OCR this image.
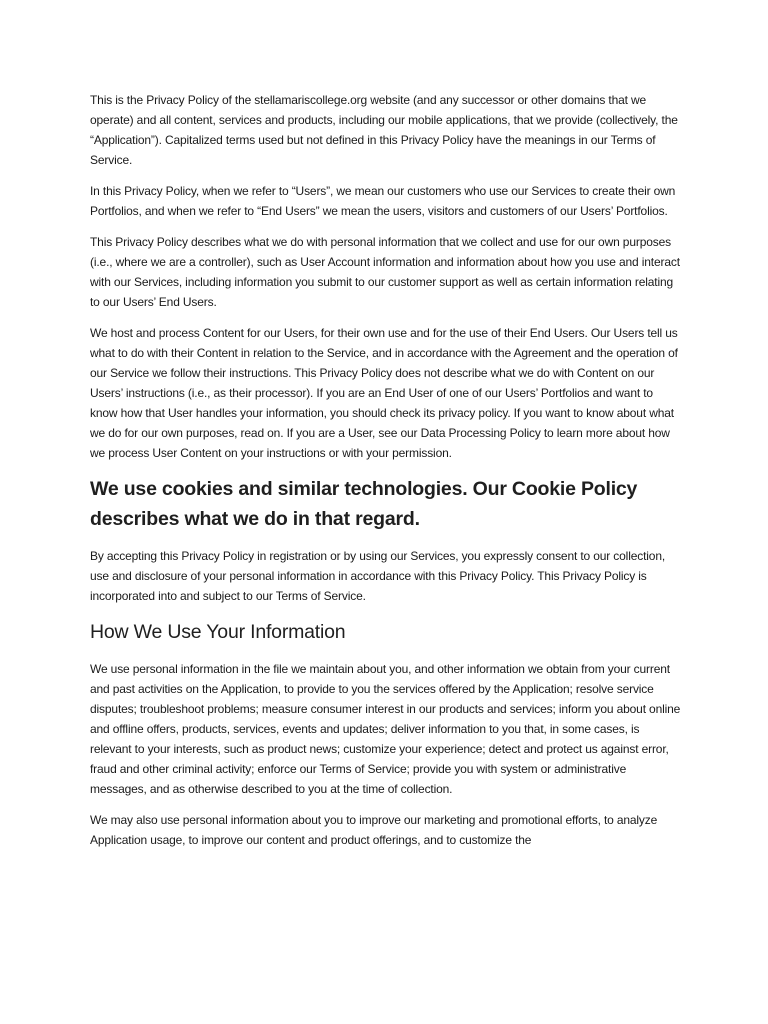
This is the Privacy Policy of the stellamariscollege.org website (and any successor or other domains that we operate) and all content, services and products, including our mobile applications, that we provide (collectively, the “Application”). Capitalized terms used but not defined in this Privacy Policy have the meanings in our Terms of Service.

In this Privacy Policy, when we refer to “Users”, we mean our customers who use our Services to create their own Portfolios, and when we refer to “End Users” we mean the users, visitors and customers of our Users’ Portfolios.

This Privacy Policy describes what we do with personal information that we collect and use for our own purposes (i.e., where we are a controller), such as User Account information and information about how you use and interact with our Services, including information you submit to our customer support as well as certain information relating to our Users’ End Users.

We host and process Content for our Users, for their own use and for the use of their End Users. Our Users tell us what to do with their Content in relation to the Service, and in accordance with the Agreement and the operation of our Service we follow their instructions. This Privacy Policy does not describe what we do with Content on our Users’ instructions (i.e., as their processor). If you are an End User of one of our Users’ Portfolios and want to know how that User handles your information, you should check its privacy policy. If you want to know about what we do for our own purposes, read on. If you are a User, see our Data Processing Policy to learn more about how we process User Content on your instructions or with your permission.

We use cookies and similar technologies. Our Cookie Policy describes what we do in that regard.

By accepting this Privacy Policy in registration or by using our Services, you expressly consent to our collection, use and disclosure of your personal information in accordance with this Privacy Policy. This Privacy Policy is incorporated into and subject to our Terms of Service.

How We Use Your Information

We use personal information in the file we maintain about you, and other information we obtain from your current and past activities on the Application, to provide to you the services offered by the Application; resolve service disputes; troubleshoot problems; measure consumer interest in our products and services; inform you about online and offline offers, products, services, events and updates; deliver information to you that, in some cases, is relevant to your interests, such as product news; customize your experience; detect and protect us against error, fraud and other criminal activity; enforce our Terms of Service; provide you with system or administrative messages, and as otherwise described to you at the time of collection.

We may also use personal information about you to improve our marketing and promotional efforts, to analyze Application usage, to improve our content and product offerings, and to customize the
